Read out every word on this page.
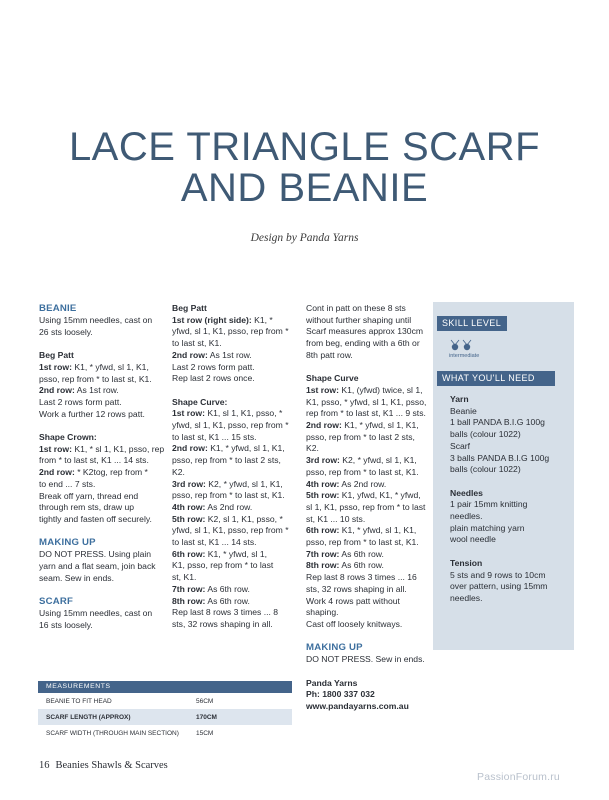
LACE TRIANGLE SCARF
AND BEANIE
Design by Panda Yarns

BEANIE

Using 15mm needles, cast on

26 sts loosely.

Beg Patt

1st row: K1, * yfwd, sl 1, K1,

psso, rep from * to last st, K1.

2nd row: As 1st row.

Last 2 rows form patt.

Work a further 12 rows patt.

Shape Crown:

1st row: K1, * sl 1, K1, psso, rep

from * to last st, K1 ... 14 sts.

2nd row: * K2tog, rep from *

to end ... 7 sts.

Break off yarn, thread end

through rem sts, draw up

tightly and fasten off securely.

MAKING UP

DO NOT PRESS. Using plain

yarn and a flat seam, join back

seam. Sew in ends.

SCARF

Using 15mm needles, cast on

16 sts loosely.

Beg Patt

1st row (right side): K1, *

yfwd, sl 1, K1, psso, rep from *

to last st, K1.

2nd row: As 1st row.

Last 2 rows form patt.

Rep last 2 rows once.

Shape Curve:

1st row: K1, sl 1, K1, psso, *

yfwd, sl 1, K1, psso, rep from *

to last st, K1 ... 15 sts.

2nd row: K1, * yfwd, sl 1, K1,

psso, rep from * to last 2 sts,

K2.

3rd row: K2, * yfwd, sl 1, K1,

psso, rep from * to last st, K1.

4th row: As 2nd row.

5th row: K2, sl 1, K1, psso, *

yfwd, sl 1, K1, psso, rep from *

to last st, K1 ... 14 sts.

6th row: K1, * yfwd, sl 1,

K1, psso, rep from * to last

st, K1.

7th row: As 6th row.

8th row: As 6th row.

Rep last 8 rows 3 times ... 8

sts, 32 rows shaping in all.

Cont in patt on these 8 sts

without further shaping until

Scarf measures approx 130cm

from beg, ending with a 6th or

8th patt row.

Shape Curve

1st row: K1, (yfwd) twice, sl 1,

K1, psso, * yfwd, sl 1, K1, psso,

rep from * to last st, K1 ... 9 sts.

2nd row: K1, * yfwd, sl 1, K1,

psso, rep from * to last 2 sts,

K2.

3rd row: K2, * yfwd, sl 1, K1,

psso, rep from * to last st, K1.

4th row: As 2nd row.

5th row: K1, yfwd, K1, * yfwd,

sl 1, K1, psso, rep from * to last

st, K1 ... 10 sts.

6th row: K1, * yfwd, sl 1, K1,

psso, rep from * to last st, K1.

7th row: As 6th row.

8th row: As 6th row.

Rep last 8 rows 3 times ... 16

sts, 32 rows shaping in all.

Work 4 rows patt without

shaping.

Cast off loosely knitways.

MAKING UP

DO NOT PRESS. Sew in ends.

Panda Yarns

Ph: 1800 337 032

www.pandayarns.com.au

SKILL LEVEL
intermediate
WHAT YOU'LL NEED

Yarn

Beanie

1 ball PANDA B.I.G 100g

balls (colour 1022)

Scarf

3 balls PANDA B.I.G 100g

balls (colour 1022)

Needles

1 pair 15mm knitting

needles.

plain matching yarn

wool needle

Tension

5 sts and 9 rows to 10cm

over pattern, using 15mm

needles.

MEASUREMENTS
BEANIE TO FIT HEAD	56CM
SCARF LENGTH (APPROX)	170CM
SCARF WIDTH (THROUGH MAIN SECTION)	15CM
16 Beanies Shawls & Scarves
PassionForum.ru
